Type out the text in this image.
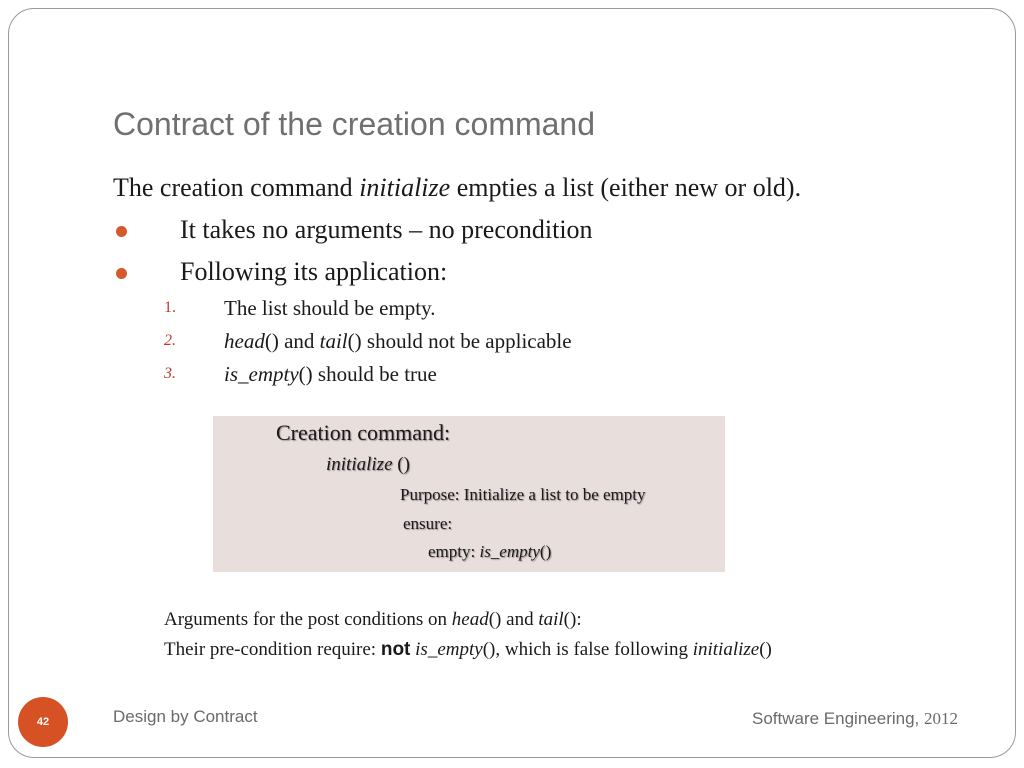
Contract of the creation command
The creation command initialize empties a list (either new or old).
It takes no arguments – no precondition
Following its application:
1. The list should be empty.
2. head() and tail() should not be applicable
3. is_empty() should be true
Creation command:
initialize ()
Purpose: Initialize a list to be empty
ensure:
empty: is_empty()
Arguments for the post conditions on head() and tail():
Their pre-condition require: not is_empty(), which is false following initialize()
42	Design by Contract	Software Engineering, 2012
